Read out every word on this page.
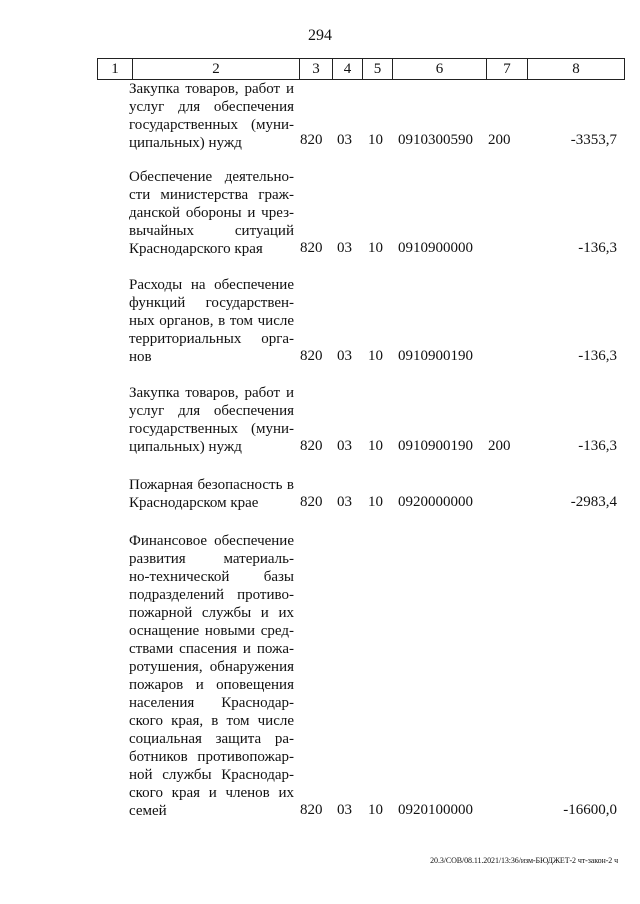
294
1	2	3	4	5	6	7	8
Закупка товаров, работ и
услуг для обеспечения
государственных (муни-
ципальных) нужд	820 03 10 0910300590 200	-3353,7
Обеспечение деятельно-
сти министерства граж-
данской обороны и чрез-
вычайных ситуаций
Краснодарского края	820 03 10 0910900000	-136,3
Расходы на обеспечение
функций государствен-
ных органов, в том числе
территориальных орга-
нов	820 03 10 0910900190	-136,3
Закупка товаров, работ и
услуг для обеспечения
государственных (муни-
ципальных) нужд	820 03 10 0910900190 200	-136,3
Пожарная безопасность в
Краснодарском крае	820 03 10 0920000000	-2983,4
Финансовое обеспечение
развития материаль-
но-технической базы
подразделений противо-
пожарной службы и их
оснащение новыми сред-
ствами спасения и пожа-
ротушения, обнаружения
пожаров и оповещения
населения Краснодар-
ского края, в том числе
социальная защита ра-
ботников противопожар-
ной службы Краснодар-
ского края и членов их
семей	820 03 10 0920100000	-16600,0
20.3/СОВ/08.11.2021/13:36/изм-БЮДЖЕТ-2 чт-закон-2 ч
